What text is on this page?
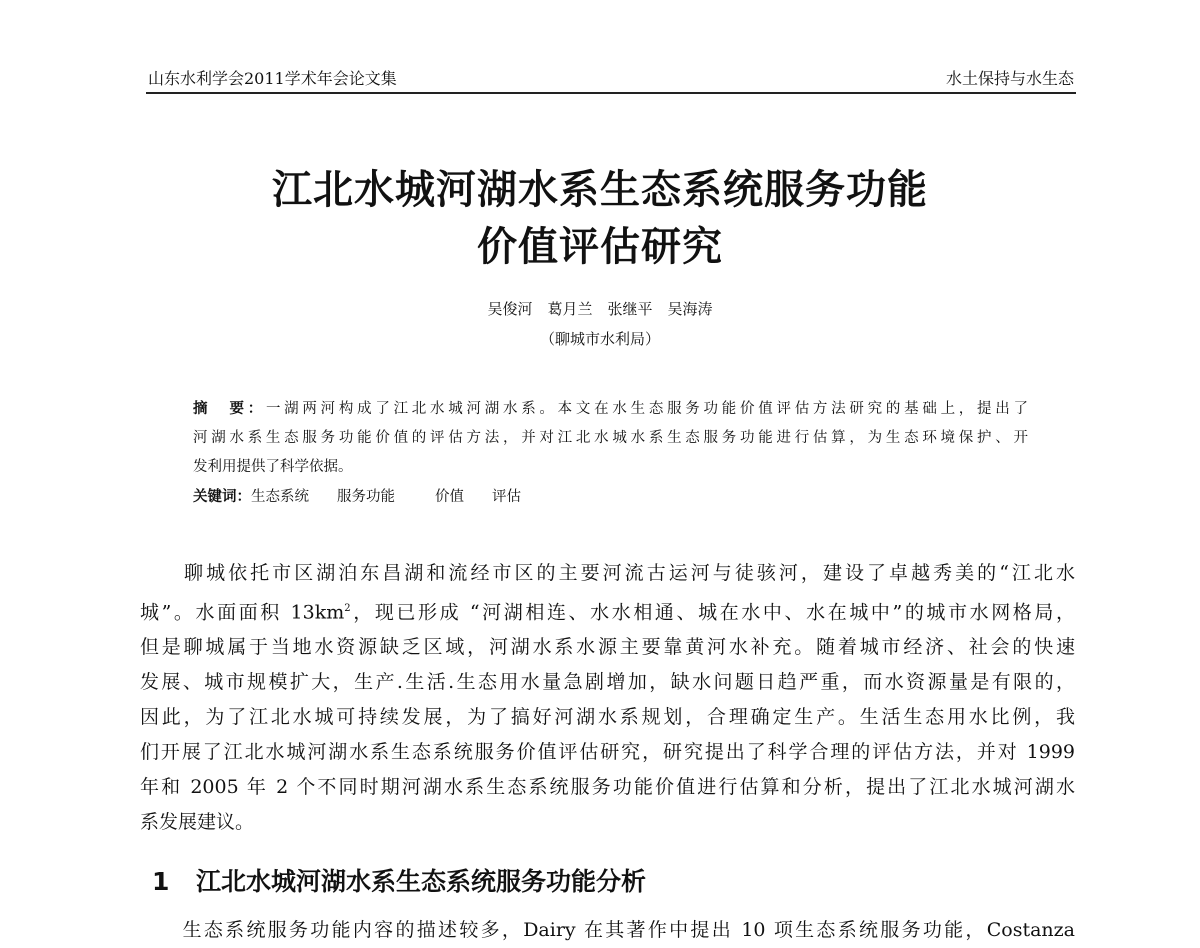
山东水利学会2011学术年会论文集	水土保持与水生态
江北水城河湖水系生态系统服务功能
价值评估研究
吴俊河　葛月兰　张继平　吴海涛
（聊城市水利局）
摘　要：一湖两河构成了江北水城河湖水系。本文在水生态服务功能价值评估方法研究的基础上，提出了
河湖水系生态服务功能价值的评估方法，并对江北水城水系生态服务功能进行估算，为生态环境保护、开
发利用提供了科学依据。
关键词：生态系统 服务功能	价值 评估
　　聊城依托市区湖泊东昌湖和流经市区的主要河流古运河与徒骇河，建设了卓越秀美的“江北水
城”。水面面积 $13km^2$，现已形成 “河湖相连、水水相通、城在水中、水在城中”的城市水网格局，
但是聊城属于当地水资源缺乏区域，河湖水系水源主要靠黄河水补充。随着城市经济、社会的快速
发展、城市规模扩大，生产.生活.生态用水量急剧增加，缺水问题日趋严重，而水资源量是有限的，
因此，为了江北水城可持续发展，为了搞好河湖水系规划，合理确定生产。生活生态用水比例，我
们开展了江北水城河湖水系生态系统服务价值评估研究，研究提出了科学合理的评估方法，并对 1999
年和 2005 年 2 个不同时期河湖水系生态系统服务功能价值进行估算和分析，提出了江北水城河湖水
系发展建议。
1 江北水城河湖水系生态系统服务功能分析
　　生态系统服务功能内容的描述较多，Dairy 在其著作中提出 10 项生态系统服务功能，Costanza
